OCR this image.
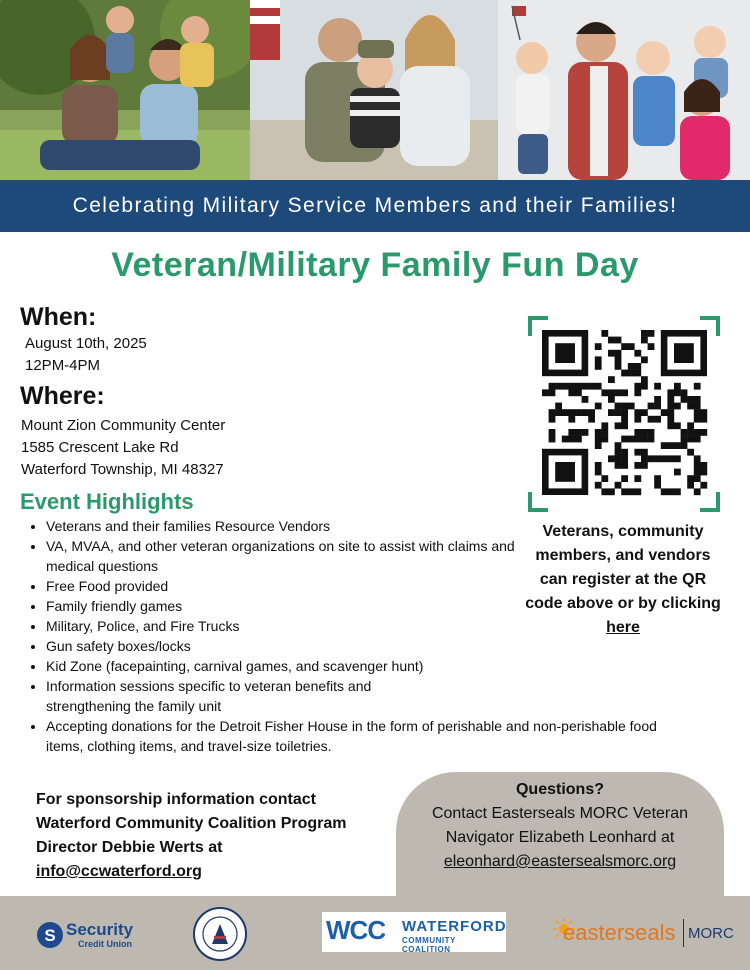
Celebrating Military Service Members and their Families!
Veteran/Military Family Fun Day
When:
August 10th, 2025
12PM-4PM
Where:
Mount Zion Community Center
1585 Crescent Lake Rd
Waterford Township, MI 48327
Event Highlights
• Veterans and their families Resource Vendors
• VA, MVAA, and other veteran organizations on site to assist with claims and medical questions
• Free Food provided
• Family friendly games
• Military, Police, and Fire Trucks
• Gun safety boxes/locks
• Kid Zone (facepainting, carnival games, and scavenger hunt)
• Information sessions specific to veteran benefits and strengthening the family unit
• Accepting donations for the Detroit Fisher House in the form of perishable and non-perishable food items, clothing items, and travel-size toiletries.
Veterans, community members, and vendors can register at the QR code above or by clicking here
For sponsorship information contact Waterford Community Coalition Program Director Debbie Werts at info@ccwaterford.org
Questions?
Contact Easterseals MORC Veteran Navigator Elizabeth Leonhard at
eleonhard@eastersealsmorc.org
S Security
Credit Union	WCC WATERFORD
COMMUNITY COALITION
easterseals MORC
